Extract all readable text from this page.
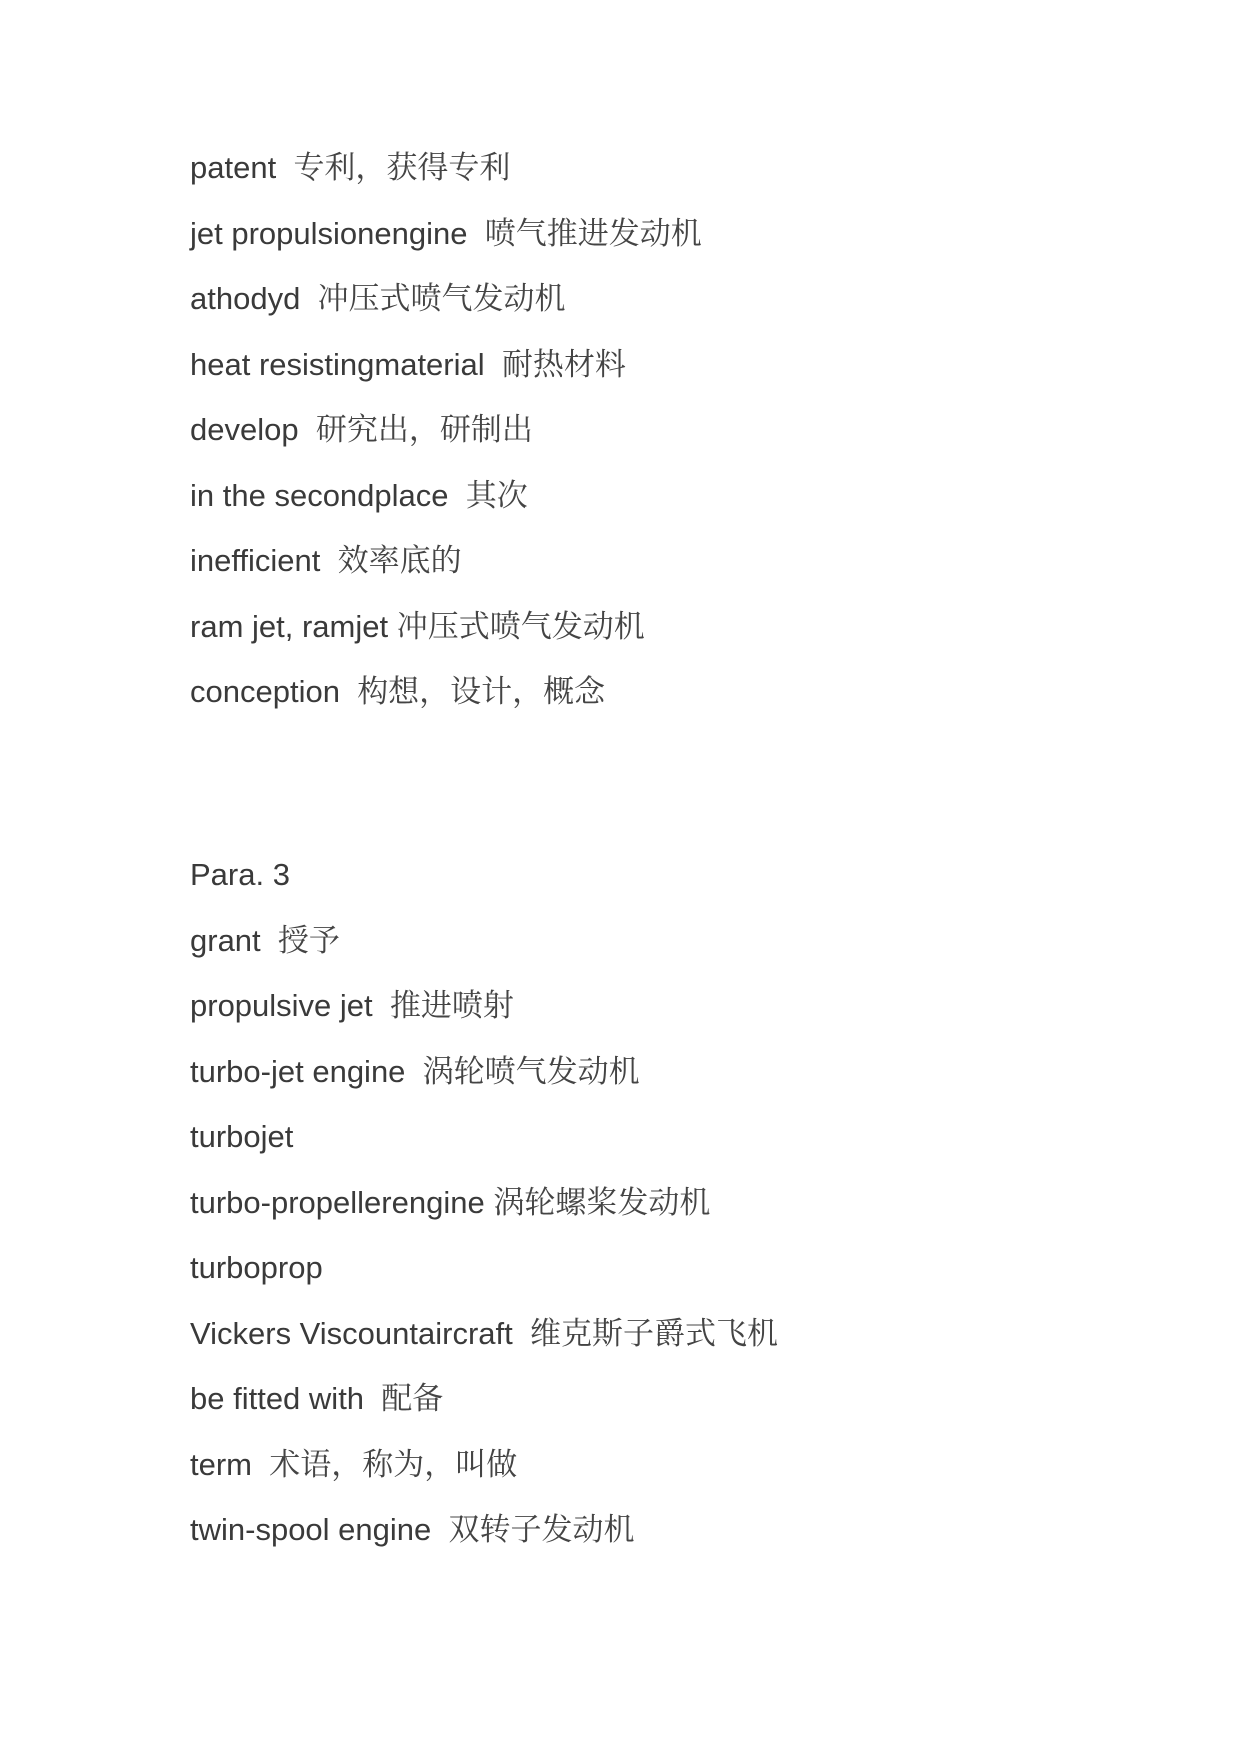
patent 专利，获得专利
jet propulsionengine 喷气推进发动机
athodyd 冲压式喷气发动机
heat resistingmaterial 耐热材料
develop 研究出，研制出
in the secondplace 其次
inefficient 效率底的
ram jet, ramjet 冲压式喷气发动机
conception 构想，设计，概念
Para. 3
grant 授予
propulsive jet 推进喷射
turbo-jet engine 涡轮喷气发动机
turbojet
turbo-propellerengine 涡轮螺桨发动机
turboprop
Vickers Viscountaircraft 维克斯子爵式飞机
be fitted with 配备
term 术语，称为，叫做
twin-spool engine 双转子发动机
